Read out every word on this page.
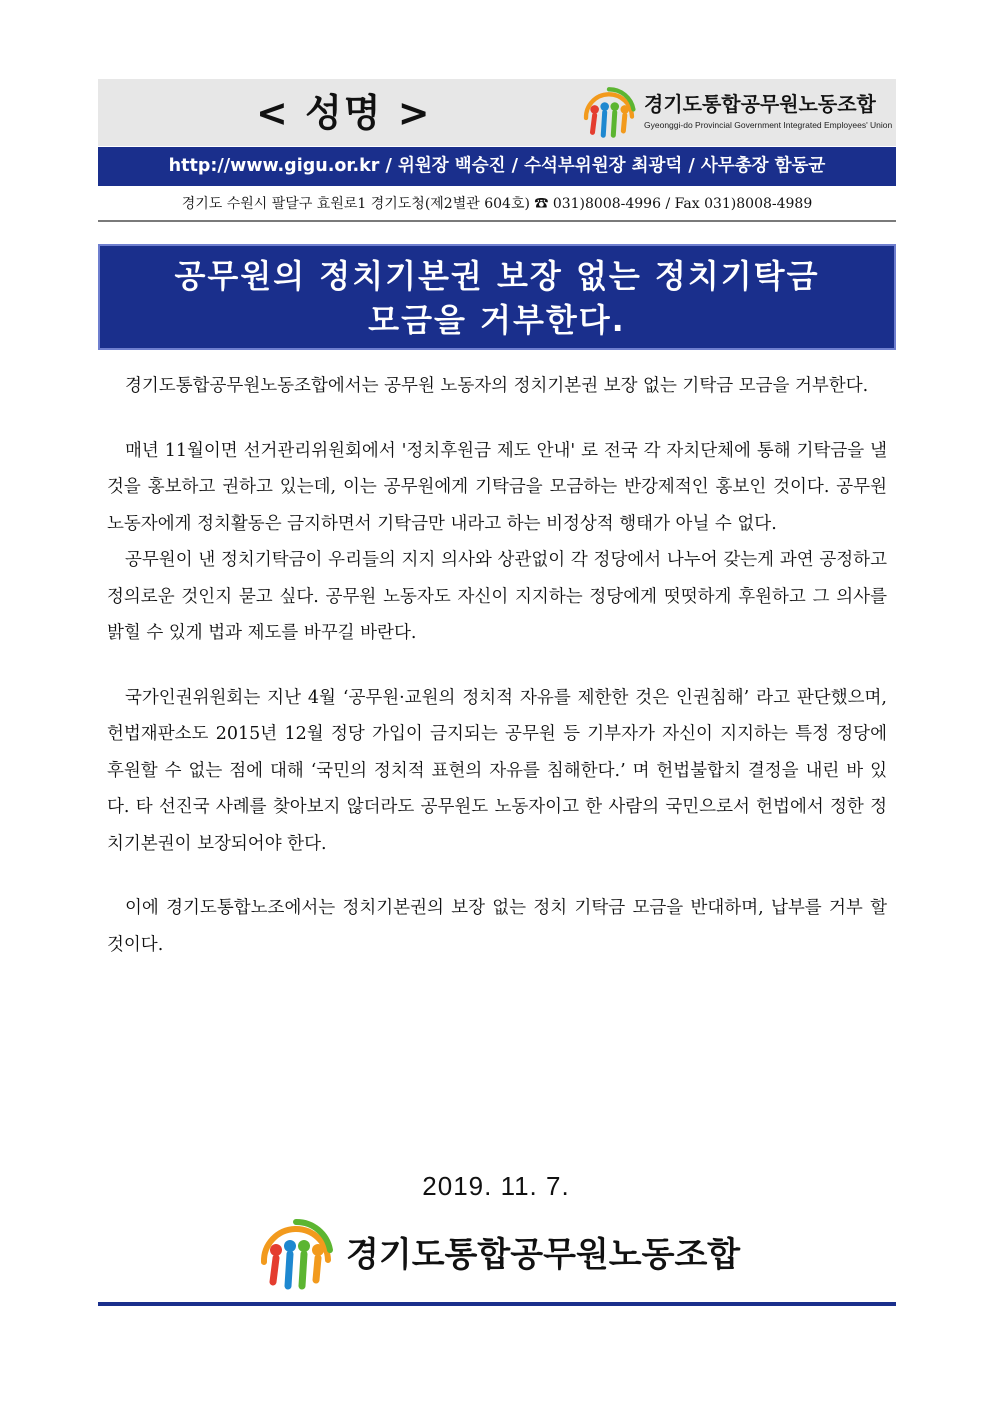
< 성명 >	경기도통합공무원노동조합
Gyeonggi-do Provincial Government Integrated Employees' Union
http://www.gigu.or.kr / 위원장 백승진 / 수석부위원장 최광덕 / 사무총장 함동균
경기도 수원시 팔달구 효원로1 경기도청(제2별관 604호) ☎ 031)8008-4996 / Fax 031)8008-4989
공무원의 정치기본권 보장 없는 정치기탁금
모금을 거부한다.

경기도통합공무원노동조합에서는 공무원 노동자의 정치기본권 보장 없는 기탁금 모금을 거부한다.

매년 11월이면 선거관리위원회에서 '정치후원금 제도 안내' 로 전국 각 자치단체에 통해 기탁금을 낼 것을 홍보하고 권하고 있는데, 이는 공무원에게 기탁금을 모금하는 반강제적인 홍보인 것이다. 공무원 노동자에게 정치활동은 금지하면서 기탁금만 내라고 하는 비정상적 행태가 아닐 수 없다.

공무원이 낸 정치기탁금이 우리들의 지지 의사와 상관없이 각 정당에서 나누어 갖는게 과연 공정하고 정의로운 것인지 묻고 싶다. 공무원 노동자도 자신이 지지하는 정당에게 떳떳하게 후원하고 그 의사를 밝힐 수 있게 법과 제도를 바꾸길 바란다.

국가인권위원회는 지난 4월 ‘공무원·교원의 정치적 자유를 제한한 것은 인권침해’ 라고 판단했으며, 헌법재판소도 2015년 12월 정당 가입이 금지되는 공무원 등 기부자가 자신이 지지하는 특정 정당에 후원할 수 없는 점에 대해 ‘국민의 정치적 표현의 자유를 침해한다.’ 며 헌법불합치 결정을 내린 바 있다. 타 선진국 사례를 찾아보지 않더라도 공무원도 노동자이고 한 사람의 국민으로서 헌법에서 정한 정치기본권이 보장되어야 한다.

이에 경기도통합노조에서는 정치기본권의 보장 없는 정치 기탁금 모금을 반대하며, 납부를 거부 할 것이다.

2019. 11. 7.
경기도통합공무원노동조합
